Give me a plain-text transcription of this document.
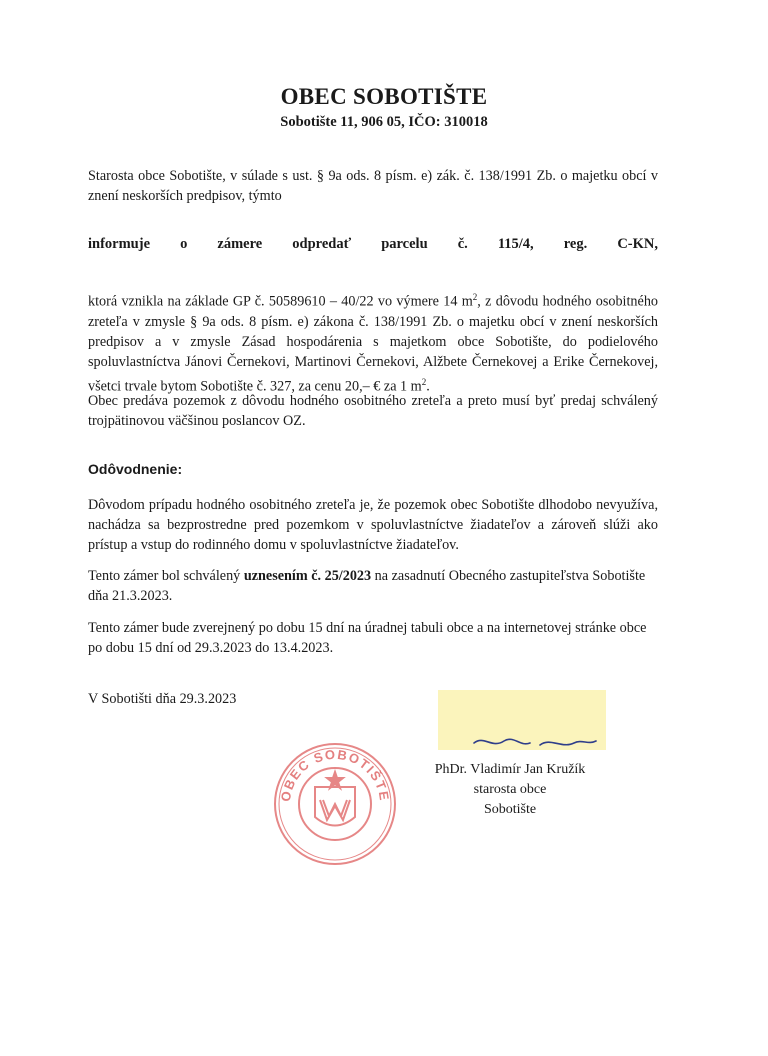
OBEC SOBOTIŠTE
Sobotište 11, 906 05, IČO: 310018
Starosta obce Sobotište, v súlade s ust. § 9a ods. 8 písm. e) zák. č. 138/1991 Zb. o majetku obcí v znení neskorších predpisov, týmto
informuje o zámere odpredať parcelu č. 115/4, reg. C-KN,
ktorá vznikla na základe GP č. 50589610 – 40/22 vo výmere 14 $m^2$, z dôvodu hodného osobitného zreteľa v zmysle § 9a ods. 8 písm. e) zákona č. 138/1991 Zb. o majetku obcí v znení neskorších predpisov a v zmysle Zásad hospodárenia s majetkom obce Sobotište, do podielového spoluvlastníctva Jánovi Černekovi, Martinovi Černekovi, Alžbete Černekovej a Erike Černekovej, všetci trvale bytom Sobotište č. 327, za cenu 20,– € za 1 $m^2$.
Obec predáva pozemok z dôvodu hodného osobitného zreteľa a preto musí byť predaj schválený trojpätinovou väčšinou poslancov OZ.
Odôvodnenie:
Dôvodom prípadu hodného osobitného zreteľa je, že pozemok obec Sobotište dlhodobo nevyužíva, nachádza sa bezprostredne pred pozemkom v spoluvlastníctve žiadateľov a zároveň slúži ako prístup a vstup do rodinného domu v spoluvlastníctve žiadateľov.
Tento zámer bol schválený uznesením č. 25/2023 na zasadnutí Obecného zastupiteľstva Sobotište dňa 21.3.2023.
Tento zámer bude zverejnený po dobu 15 dní na úradnej tabuli obce a na internetovej stránke obce po dobu 15 dní od 29.3.2023 do 13.4.2023.
V Sobotišti dňa 29.3.2023
PhDr. Vladimír Jan Kružík
starosta obce
Sobotište
OBEC SOBOTIŠTE
